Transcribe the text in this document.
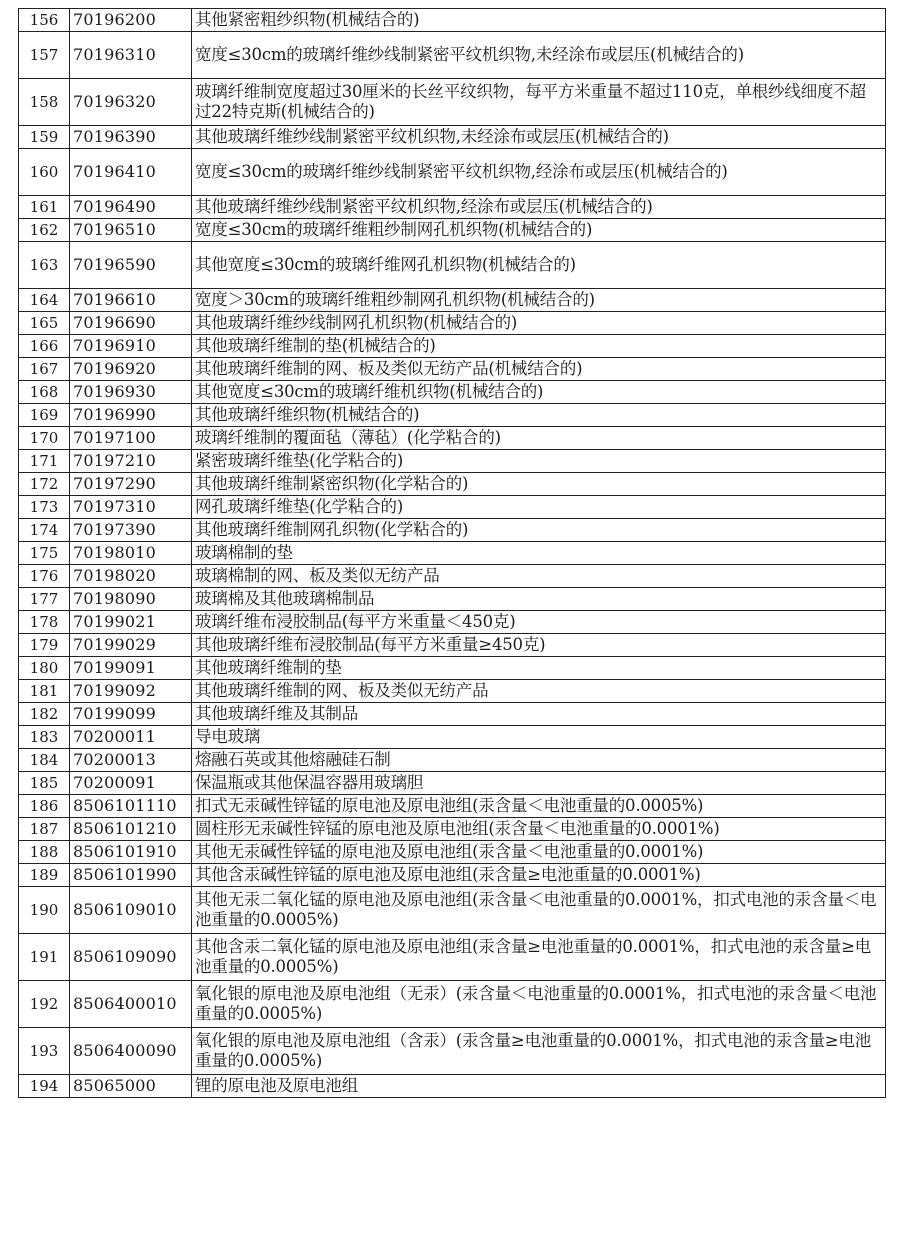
156	70196200	其他紧密粗纱织物(机械结合的)
157	70196310	宽度≤30cm的玻璃纤维纱线制紧密平纹机织物,未经涂布或层压(机械结合的)
158	70196320	玻璃纤维制宽度超过30厘米的长丝平纹织物，每平方米重量不超过110克，单根纱线细度不超过22特克斯(机械结合的)
159	70196390	其他玻璃纤维纱线制紧密平纹机织物,未经涂布或层压(机械结合的)
160	70196410	宽度≤30cm的玻璃纤维纱线制紧密平纹机织物,经涂布或层压(机械结合的)
161	70196490	其他玻璃纤维纱线制紧密平纹机织物,经涂布或层压(机械结合的)
162	70196510	宽度≤30cm的玻璃纤维粗纱制网孔机织物(机械结合的)
163	70196590	其他宽度≤30cm的玻璃纤维网孔机织物(机械结合的)
164	70196610	宽度＞30cm的玻璃纤维粗纱制网孔机织物(机械结合的)
165	70196690	其他玻璃纤维纱线制网孔机织物(机械结合的)
166	70196910	其他玻璃纤维制的垫(机械结合的)
167	70196920	其他玻璃纤维制的网、板及类似无纺产品(机械结合的)
168	70196930	其他宽度≤30cm的玻璃纤维机织物(机械结合的)
169	70196990	其他玻璃纤维织物(机械结合的)
170	70197100	玻璃纤维制的覆面毡（薄毡）(化学粘合的)
171	70197210	紧密玻璃纤维垫(化学粘合的)
172	70197290	其他玻璃纤维制紧密织物(化学粘合的)
173	70197310	网孔玻璃纤维垫(化学粘合的)
174	70197390	其他玻璃纤维制网孔织物(化学粘合的)
175	70198010	玻璃棉制的垫
176	70198020	玻璃棉制的网、板及类似无纺产品
177	70198090	玻璃棉及其他玻璃棉制品
178	70199021	玻璃纤维布浸胶制品(每平方米重量＜450克)
179	70199029	其他玻璃纤维布浸胶制品(每平方米重量≥450克)
180	70199091	其他玻璃纤维制的垫
181	70199092	其他玻璃纤维制的网、板及类似无纺产品
182	70199099	其他玻璃纤维及其制品
183	70200011	导电玻璃
184	70200013	熔融石英或其他熔融硅石制
185	70200091	保温瓶或其他保温容器用玻璃胆
186	8506101110	扣式无汞碱性锌锰的原电池及原电池组(汞含量＜电池重量的0.0005%)
187	8506101210	圆柱形无汞碱性锌锰的原电池及原电池组(汞含量＜电池重量的0.0001%)
188	8506101910	其他无汞碱性锌锰的原电池及原电池组(汞含量＜电池重量的0.0001%)
189	8506101990	其他含汞碱性锌锰的原电池及原电池组(汞含量≥电池重量的0.0001%)
190	8506109010	其他无汞二氧化锰的原电池及原电池组(汞含量＜电池重量的0.0001%，扣式电池的汞含量＜电池重量的0.0005%)
191	8506109090	其他含汞二氧化锰的原电池及原电池组(汞含量≥电池重量的0.0001%，扣式电池的汞含量≥电池重量的0.0005%)
192	8506400010	氧化银的原电池及原电池组（无汞）(汞含量＜电池重量的0.0001%，扣式电池的汞含量＜电池重量的0.0005%)
193	8506400090	氧化银的原电池及原电池组（含汞）(汞含量≥电池重量的0.0001%，扣式电池的汞含量≥电池重量的0.0005%)
194	85065000	锂的原电池及原电池组
